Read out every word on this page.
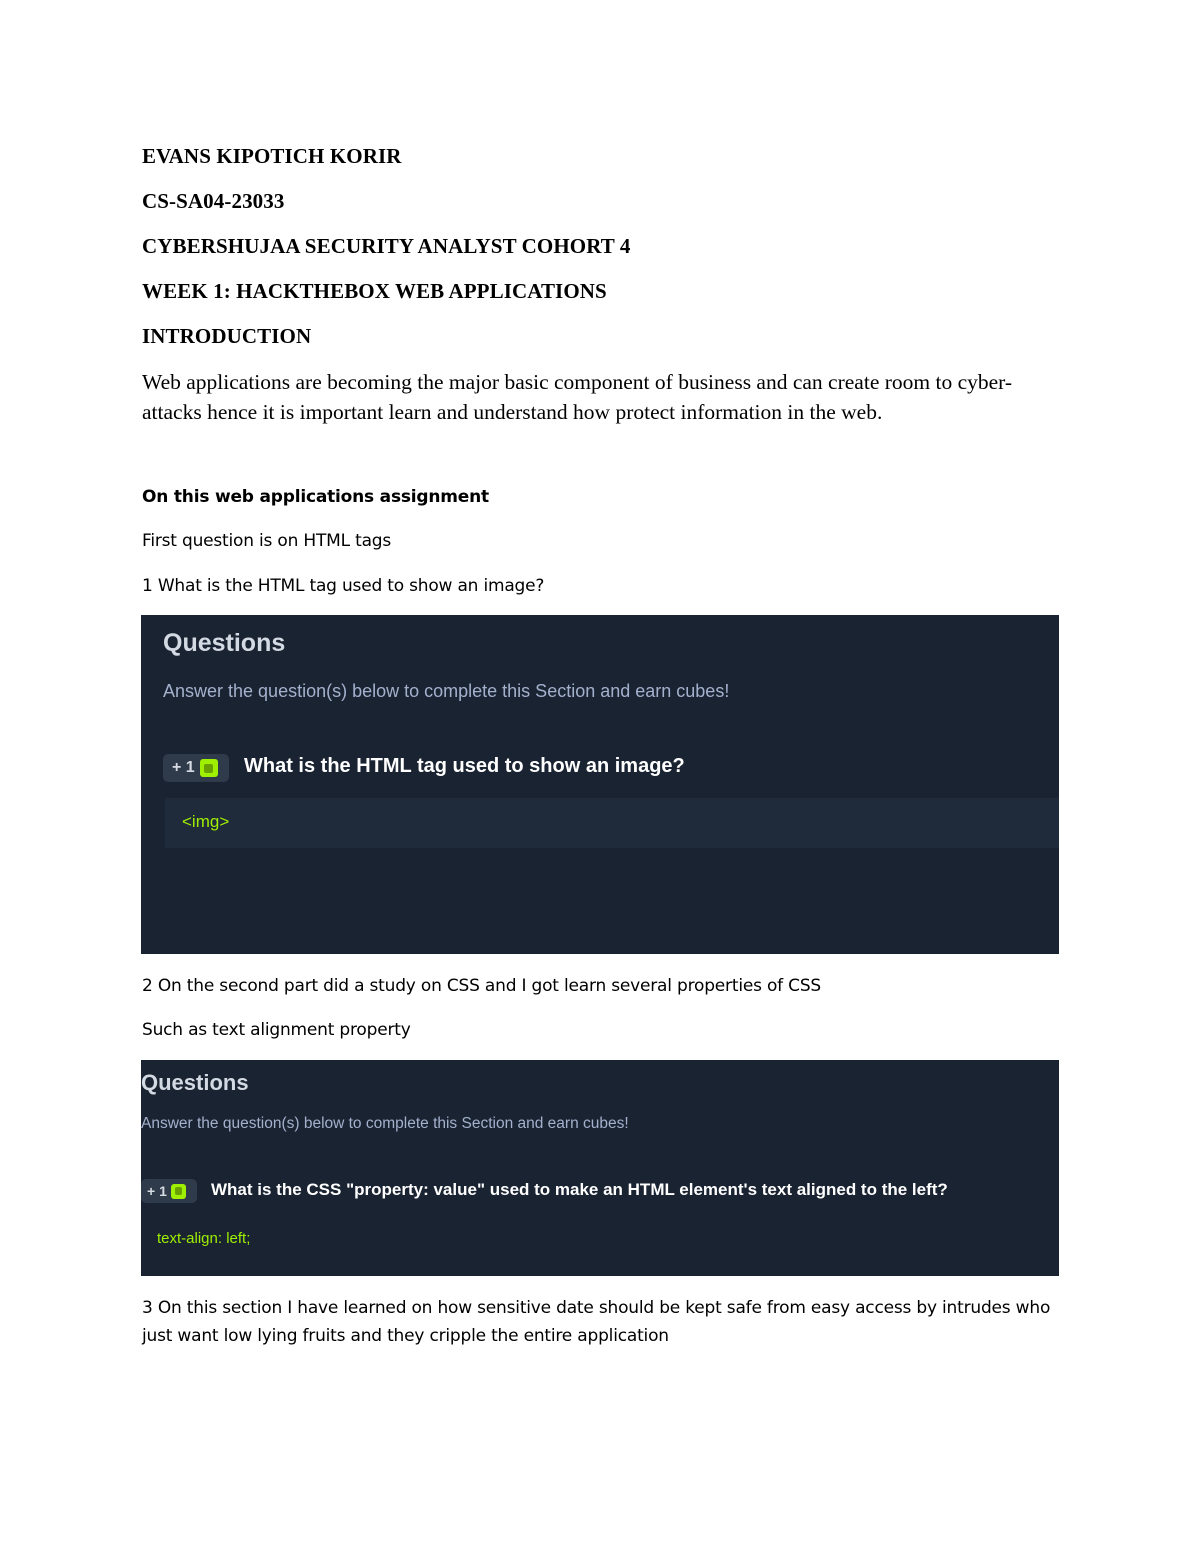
EVANS KIPOTICH KORIR
CS-SA04-23033
CYBERSHUJAA SECURITY ANALYST COHORT 4
WEEK 1: HACKTHEBOX WEB APPLICATIONS
INTRODUCTION
Web applications are becoming the major basic component of business and can create room to cyber-attacks hence it is important learn and understand how protect information in the web.
On this web applications assignment
First question is on HTML tags
1 What is the HTML tag used to show an image?
Questions
Answer the question(s) below to complete this Section and earn cubes!
+ 1 What is the HTML tag used to show an image?
<img>
2 On the second part did a study on CSS and I got learn several properties of CSS
Such as text alignment property
Questions
Answer the question(s) below to complete this Section and earn cubes!
+ 1	What is the CSS "property: value" used to make an HTML element's text aligned to the left?
text-align: left;
3 On this section I have learned on how sensitive date should be kept safe from easy access by intrudes who just want low lying fruits and they cripple the entire application
